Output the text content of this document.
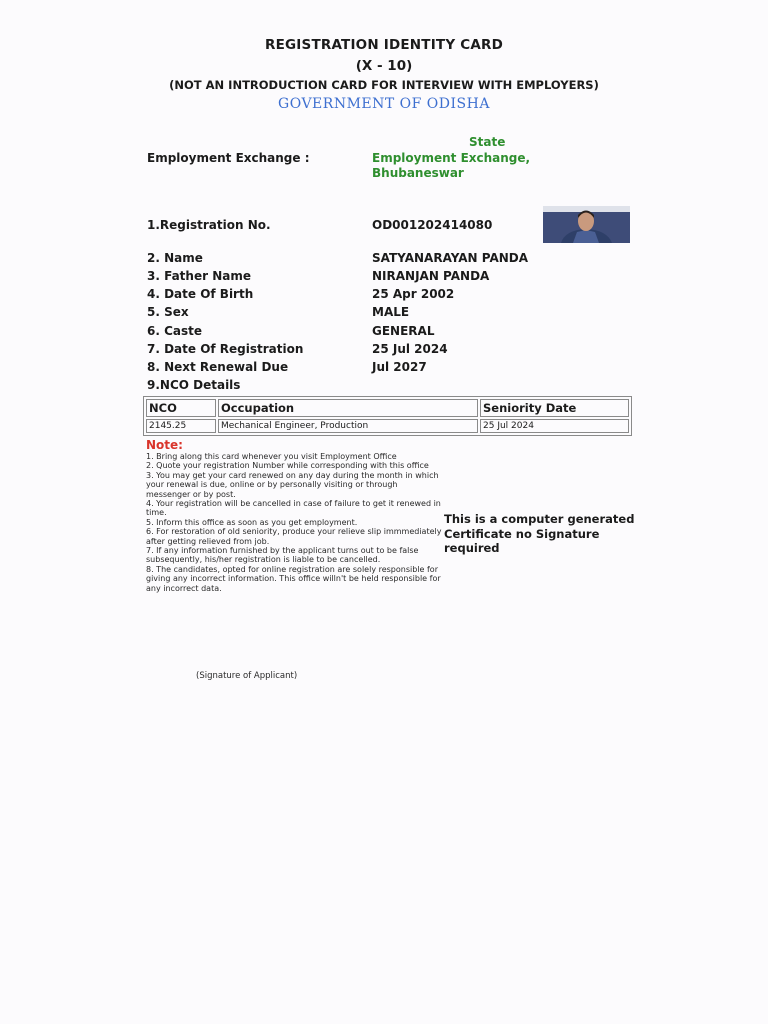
REGISTRATION IDENTITY CARD
(X - 10)
(NOT AN INTRODUCTION CARD FOR INTERVIEW WITH EMPLOYERS)
GOVERNMENT OF ODISHA
Employment Exchange :
State
Employment Exchange,
Bhubaneswar
1.Registration No.	OD001202414080
2. Name	SATYANARAYAN PANDA
3. Father Name	NIRANJAN PANDA
4. Date Of Birth	25 Apr 2002
5. Sex	MALE
6. Caste	GENERAL
7. Date Of Registration	25 Jul 2024
8. Next Renewal Due	Jul 2027
9.NCO Details
NCO	Occupation	Seniority Date
2145.25	Mechanical Engineer, Production	25 Jul 2024
Note:
1. Bring along this card whenever you visit Employment Office
2. Quote your registration Number while corresponding with this office
3. You may get your card renewed on any day during the month in which your renewal is due, online or by personally visiting or through messenger or by post.
4. Your registration will be cancelled in case of failure to get it renewed in time.
5. Inform this office as soon as you get employment.
6. For restoration of old seniority, produce your relieve slip immmediately after getting relieved from job.
7. If any information furnished by the applicant turns out to be false subsequently, his/her registration is liable to be cancelled.
8. The candidates, opted for online registration are solely responsible for giving any incorrect information. This office willn't be held responsible for any incorrect data.
This is a computer generated Certificate no Signature required
(Signature of Applicant)
